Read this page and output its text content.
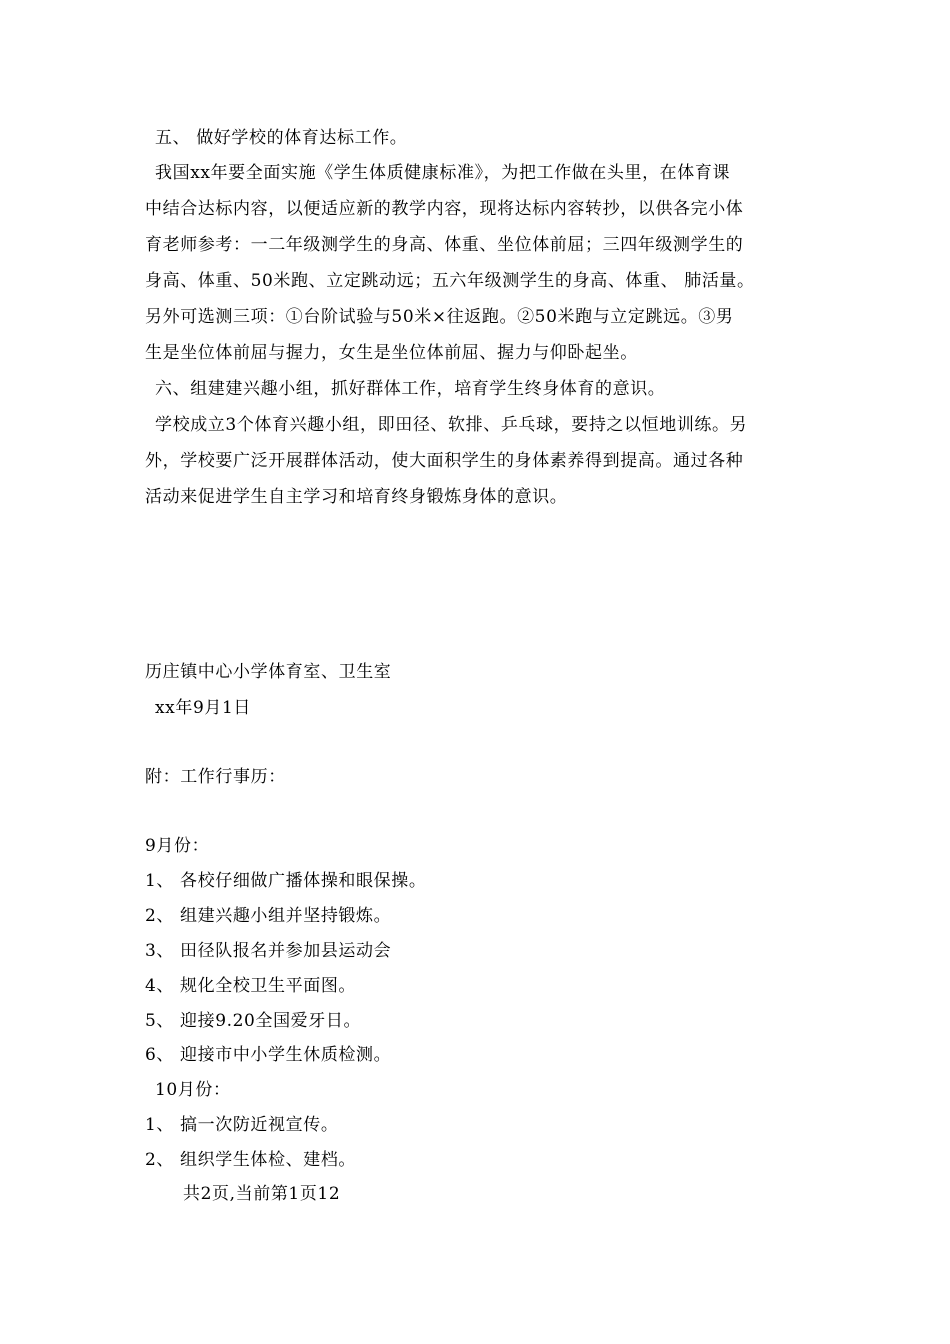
五、 做好学校的体育达标工作。
我国xx年要全面实施《学生体质健康标准》，为把工作做在头里，在体育课
中结合达标内容，以便适应新的教学内容，现将达标内容转抄，以供各完小体
育老师参考：一二年级测学生的身高、体重、坐位体前屈；三四年级测学生的
身高、体重、50米跑、立定跳动远；五六年级测学生的身高、体重、 肺活量。
另外可选测三项：①台阶试验与50米×往返跑。②50米跑与立定跳远。③男
生是坐位体前屈与握力，女生是坐位体前屈、握力与仰卧起坐。
六、组建建兴趣小组，抓好群体工作，培育学生终身体育的意识。
学校成立3个体育兴趣小组，即田径、软排、乒乓球，要持之以恒地训练。另
外，学校要广泛开展群体活动，使大面积学生的身体素养得到提高。通过各种
活动来促进学生自主学习和培育终身锻炼身体的意识。
历庄镇中心小学体育室、卫生室
xx年9月1日
附：工作行事历：
9月份：
1、 各校仔细做广播体操和眼保操。
2、 组建兴趣小组并坚持锻炼。
3、 田径队报名并参加县运动会
4、 规化全校卫生平面图。
5、 迎接9.20全国爱牙日。
6、 迎接市中小学生休质检测。
10月份：
1、 搞一次防近视宣传。
2、 组织学生体检、建档。
共2页,当前第1页12
